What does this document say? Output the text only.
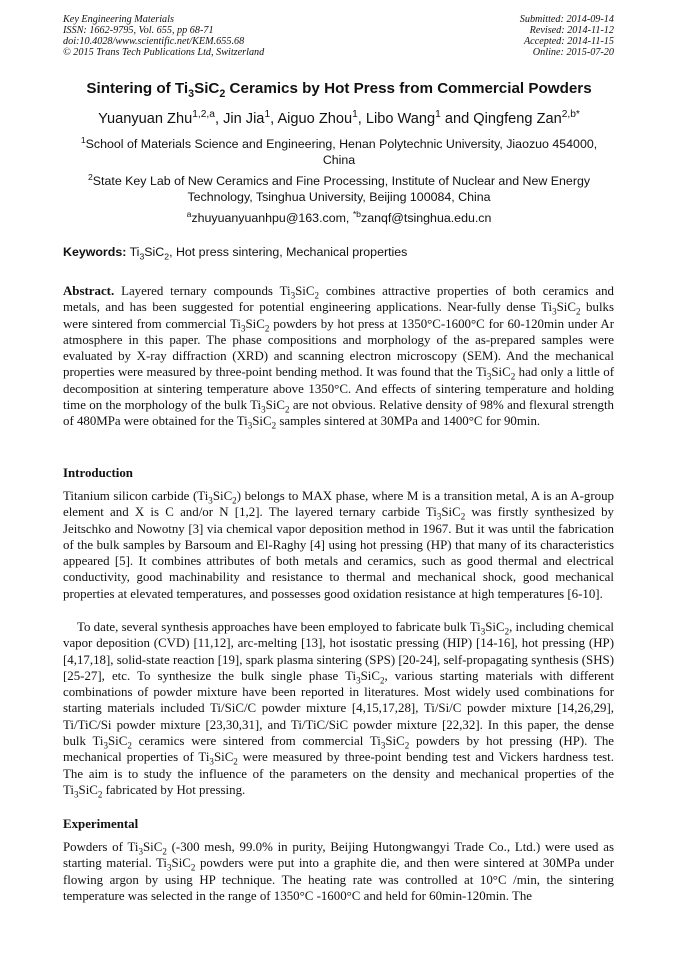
Key Engineering Materials
ISSN: 1662-9795, Vol. 655, pp 68-71
doi:10.4028/www.scientific.net/KEM.655.68
© 2015 Trans Tech Publications Ltd, Switzerland
Submitted: 2014-09-14
Revised: 2014-11-12
Accepted: 2014-11-15
Online: 2015-07-20
Sintering of $Ti_3SiC_2$ Ceramics by Hot Press from Commercial Powders
Yuanyuan Zhu$^{1,2,a}$, Jin Jia$^1$, Aiguo Zhou$^1$, Libo Wang$^1$ and Qingfeng Zan$^{2,b*}$
$^1$School of Materials Science and Engineering, Henan Polytechnic University, Jiaozuo 454000, China
$^2$State Key Lab of New Ceramics and Fine Processing, Institute of Nuclear and New Energy Technology, Tsinghua University, Beijing 100084, China
$^a$zhuyuanyuanhpu@163.com, $^{*b}$zanqf@tsinghua.edu.cn
Keywords: $Ti_3SiC_2$, Hot press sintering, Mechanical properties
Abstract. Layered ternary compounds $Ti_3SiC_2$ combines attractive properties of both ceramics and metals, and has been suggested for potential engineering applications. Near-fully dense $Ti_3SiC_2$ bulks were sintered from commercial $Ti_3SiC_2$ powders by hot press at 1350°C-1600°C for 60-120min under Ar atmosphere in this paper. The phase compositions and morphology of the as-prepared samples were evaluated by X-ray diffraction (XRD) and scanning electron microscopy (SEM). And the mechanical properties were measured by three-point bending method. It was found that the $Ti_3SiC_2$ had only a little of decomposition at sintering temperature above 1350°C. And effects of sintering temperature and holding time on the morphology of the bulk $Ti_3SiC_2$ are not obvious. Relative density of 98% and flexural strength of 480MPa were obtained for the $Ti_3SiC_2$ samples sintered at 30MPa and 1400°C for 90min.
Introduction
Titanium silicon carbide $(Ti_3SiC_2)$ belongs to MAX phase, where M is a transition metal, A is an A-group element and X is C and/or N [1,2]. The layered ternary carbide $Ti_3SiC_2$ was firstly synthesized by Jeitschko and Nowotny [3] via chemical vapor deposition method in 1967. But it was until the fabrication of the bulk samples by Barsoum and El-Raghy [4] using hot pressing (HP) that many of its characteristics appeared [5]. It combines attributes of both metals and ceramics, such as good thermal and electrical conductivity, good machinability and resistance to thermal and mechanical shock, good mechanical properties at elevated temperatures, and possesses good oxidation resistance at high temperatures [6-10].
To date, several synthesis approaches have been employed to fabricate bulk $Ti_3SiC_2$, including chemical vapor deposition (CVD) [11,12], arc-melting [13], hot isostatic pressing (HIP) [14-16], hot pressing (HP) [4,17,18], solid-state reaction [19], spark plasma sintering (SPS) [20-24], self-propagating synthesis (SHS) [25-27], etc. To synthesize the bulk single phase $Ti_3SiC_2$, various starting materials with different combinations of powder mixture have been reported in literatures. Most widely used combinations for starting materials included Ti/SiC/C powder mixture [4,15,17,28], Ti/Si/C powder mixture [14,26,29], Ti/TiC/Si powder mixture [23,30,31], and Ti/TiC/SiC powder mixture [22,32]. In this paper, the dense bulk $Ti_3SiC_2$ ceramics were sintered from commercial $Ti_3SiC_2$ powders by hot pressing (HP). The mechanical properties of $Ti_3SiC_2$ were measured by three-point bending test and Vickers hardness test. The aim is to study the influence of the parameters on the density and mechanical properties of the $Ti_3SiC_2$ fabricated by Hot pressing.
Experimental
Powders of $Ti_3SiC_2$ (-300 mesh, 99.0% in purity, Beijing Hutongwangyi Trade Co., Ltd.) were used as starting material. $Ti_3SiC_2$ powders were put into a graphite die, and then were sintered at 30MPa under flowing argon by using HP technique. The heating rate was controlled at 10°C /min, the sintering temperature was selected in the range of 1350°C -1600°C and held for 60min-120min. The
